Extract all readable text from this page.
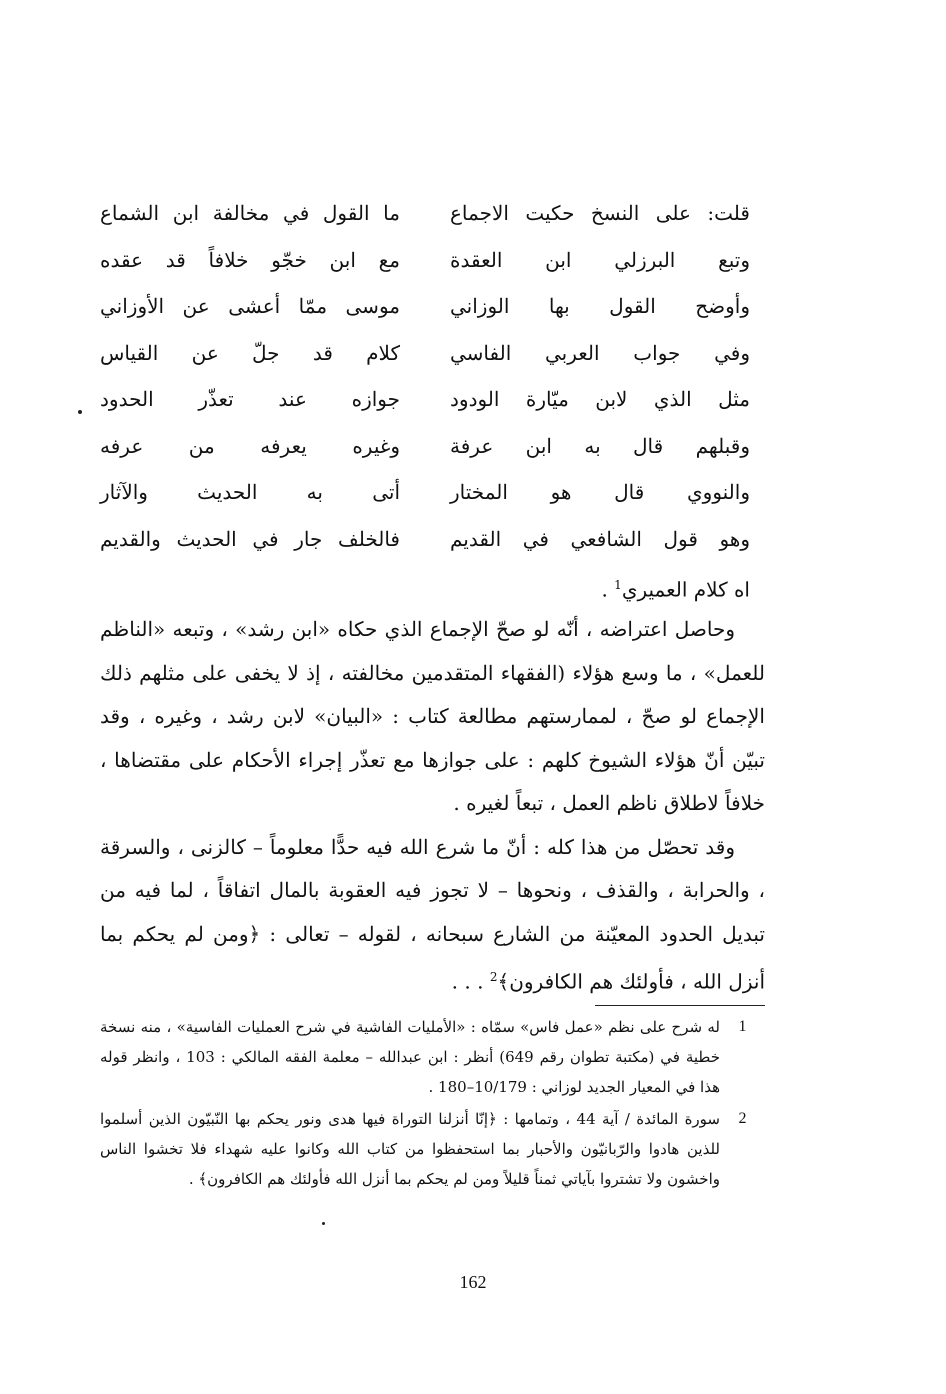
قلت: على النسخ حكيت الاجماع
ما القول في مخالفة ابن الشماع
وتبع البرزلي ابن العقدة
مع ابن خجّو خلافاً قد عقده
وأوضح القول بها الوزاني
موسى ممّا أعشى عن الأوزاني
وفي جواب العربي الفاسي
كلام قد جلّ عن القياس
مثل الذي لابن ميّارة الودود
جوازه عند تعذّر الحدود
وقبلهم قال به ابن عرفة
وغيره يعرفه من عرفه
والنووي قال هو المختار
أتى به الحديث والآثار
وهو قول الشافعي في القديم
فالخلف جار في الحديث والقديم
اه كلام العميري$^1$ .

وحاصل اعتراضه ، أنّه لو صحّ الإجماع الذي حكاه «ابن رشد» ، وتبعه «الناظم للعمل» ، ما وسع هؤلاء (الفقهاء المتقدمين مخالفته ، إذ لا يخفى على مثلهم ذلك الإجماع لو صحّ ، لممارستهم مطالعة كتاب : «البيان» لابن رشد ، وغيره ، وقد تبيّن أنّ هؤلاء الشيوخ كلهم : على جوازها مع تعذّر إجراء الأحكام على مقتضاها ، خلافاً لاطلاق ناظم العمل ، تبعاً لغيره .

وقد تحصّل من هذا كله : أنّ ما شرع الله فيه حدًّا معلوماً – كالزنى ، والسرقة ، والحرابة ، والقذف ، ونحوها – لا تجوز فيه العقوبة بالمال اتفاقاً ، لما فيه من تبديل الحدود المعيّنة من الشارع سبحانه ، لقوله – تعالى : ﴿ومن لم يحكم بما أنزل الله ، فأولئك هم الكافرون﴾$^2$ . . .

1
له شرح على نظم «عمل فاس» سمّاه : «الأمليات الفاشية في شرح العمليات الفاسية» ، منه نسخة خطية في (مكتبة تطوان رقم 649) أنظر : ابن عبدالله – معلمة الفقه المالكي : 103 ، وانظر قوله هذا في المعيار الجديد لوزاني : 10/179–180 .
2
سورة المائدة / آية 44 ، وتمامها : ﴿إنّا أنزلنا التوراة فيها هدى ونور يحكم بها النّبيّون الذين أسلموا للذين هادوا والرّبانيّون والأحبار بما استحفظوا من كتاب الله وكانوا عليه شهداء فلا تخشوا الناس واخشون ولا تشتروا بآياتي ثمناً قليلاً ومن لم يحكم بما أنزل الله فأولئك هم الكافرون﴾ .
162
